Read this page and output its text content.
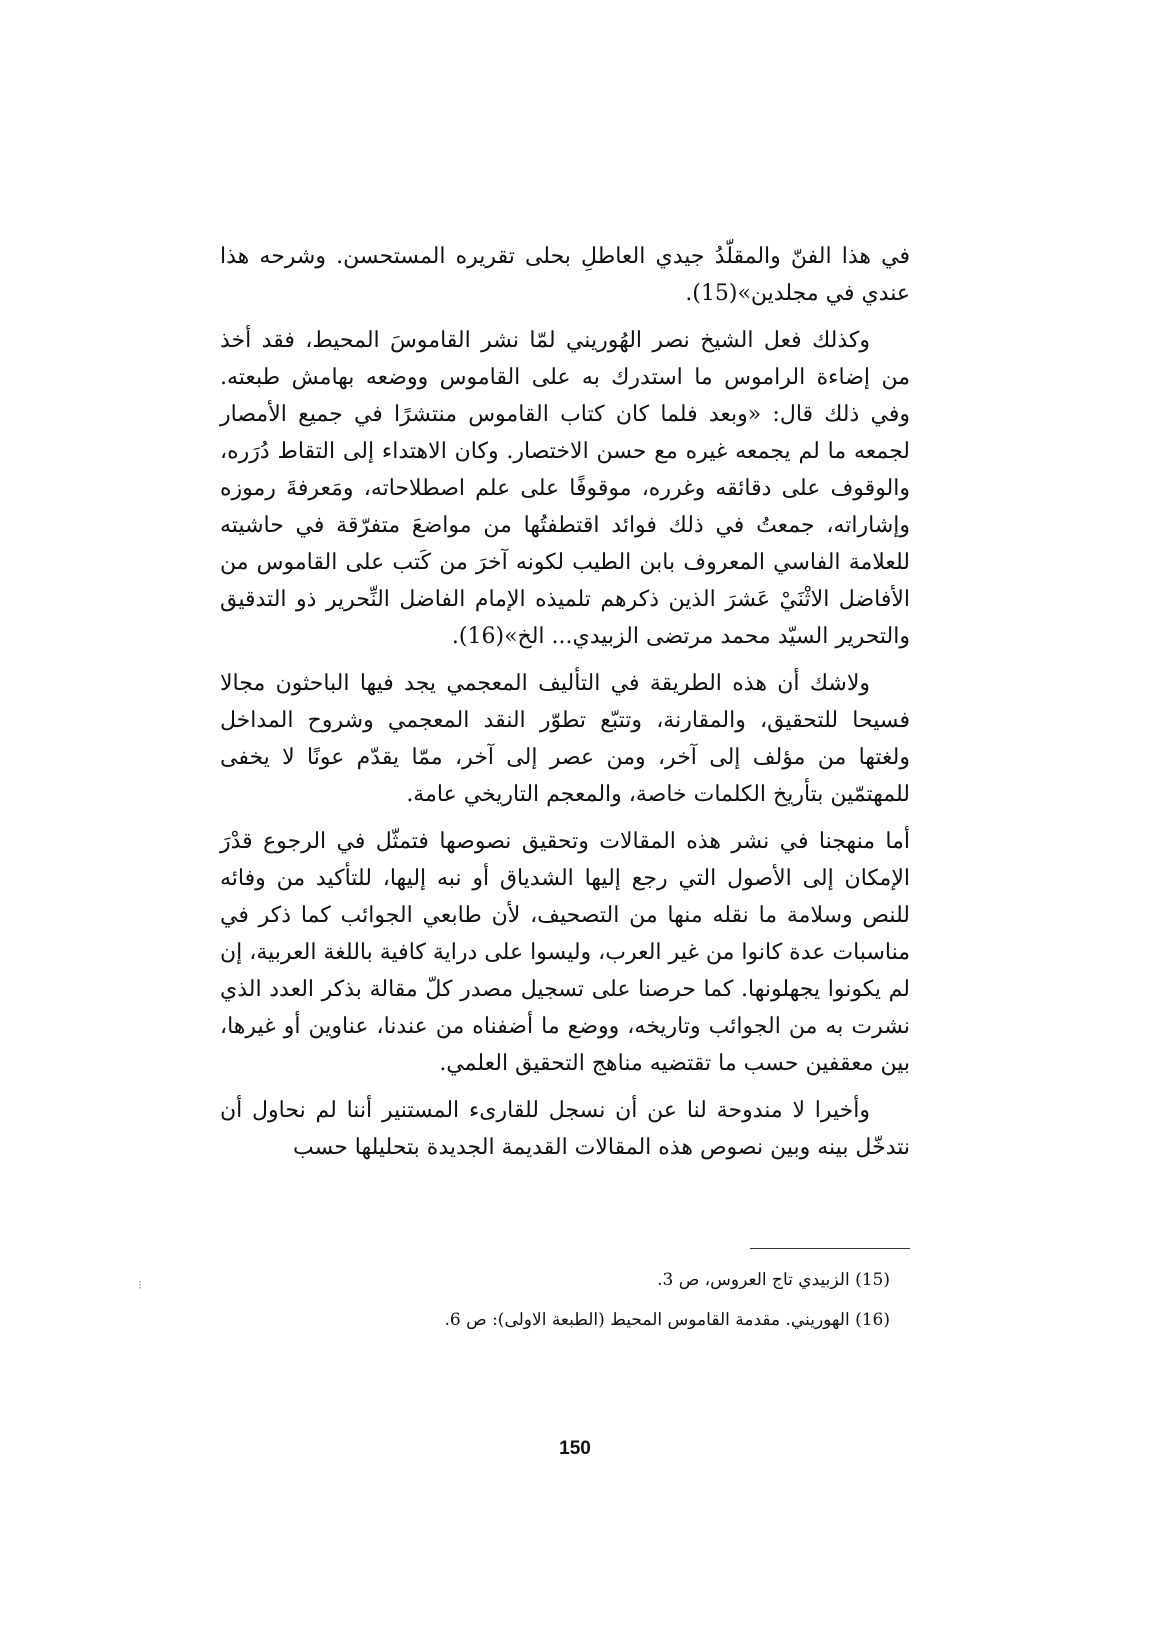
في هذا الفنّ والمقلّدُ جيدي العاطلِ بحلى تقريره المستحسن. وشرحه هذا عندي في مجلدين»(15).

وكذلك فعل الشيخ نصر الهُوريني لمّا نشر القاموسَ المحيط، فقد أخذ من إضاءة الراموس ما استدرك به على القاموس ووضعه بهامش طبعته. وفي ذلك قال: «وبعد فلما كان كتاب القاموس منتشرًا في جميع الأمصار لجمعه ما لم يجمعه غيره مع حسن الاختصار. وكان الاهتداء إلى التقاط دُرَره، والوقوف على دقائقه وغرره، موقوفًا على علم اصطلاحاته، ومَعرفةَ رموزه وإشاراته، جمعتُ في ذلك فوائد اقتطفتُها من مواضعَ متفرّقة في حاشيته للعلامة الفاسي المعروف بابن الطيب لكونه آخرَ من كَتب على القاموس من الأفاضل الاثْنَيْ عَشرَ الذين ذكرهم تلميذه الإمام الفاضل النِّحرير ذو التدقيق والتحرير السيّد محمد مرتضى الزبيدي... الخ»(16).

ولاشك أن هذه الطريقة في التأليف المعجمي يجد فيها الباحثون مجالا فسيحا للتحقيق، والمقارنة، وتتبّع تطوّر النقد المعجمي وشروح المداخل ولغتها من مؤلف إلى آخر، ومن عصر إلى آخر، ممّا يقدّم عونًا لا يخفى للمهتمّين بتأريخ الكلمات خاصة، والمعجم التاريخي عامة.

أما منهجنا في نشر هذه المقالات وتحقيق نصوصها فتمثّل في الرجوع قدْرَ الإمكان إلى الأصول التي رجع إليها الشدياق أو نبه إليها، للتأكيد من وفائه للنص وسلامة ما نقله منها من التصحيف، لأن طابعي الجوائب كما ذكر في مناسبات عدة كانوا من غير العرب، وليسوا على دراية كافية باللغة العربية، إن لم يكونوا يجهلونها. كما حرصنا على تسجيل مصدر كلّ مقالة بذكر العدد الذي نشرت به من الجوائب وتاريخه، ووضع ما أضفناه من عندنا، عناوين أو غيرها، بين معقفين حسب ما تقتضيه مناهج التحقيق العلمي.

وأخيرا لا مندوحة لنا عن أن نسجل للقارىء المستنير أننا لم نحاول أن نتدخّل بينه وبين نصوص هذه المقالات القديمة الجديدة بتحليلها حسب

(15) الزبيدي تاج العروس، ص 3.

(16) الهوريني. مقدمة القاموس المحيط (الطبعة الاولى): ص 6.

⁝
150
